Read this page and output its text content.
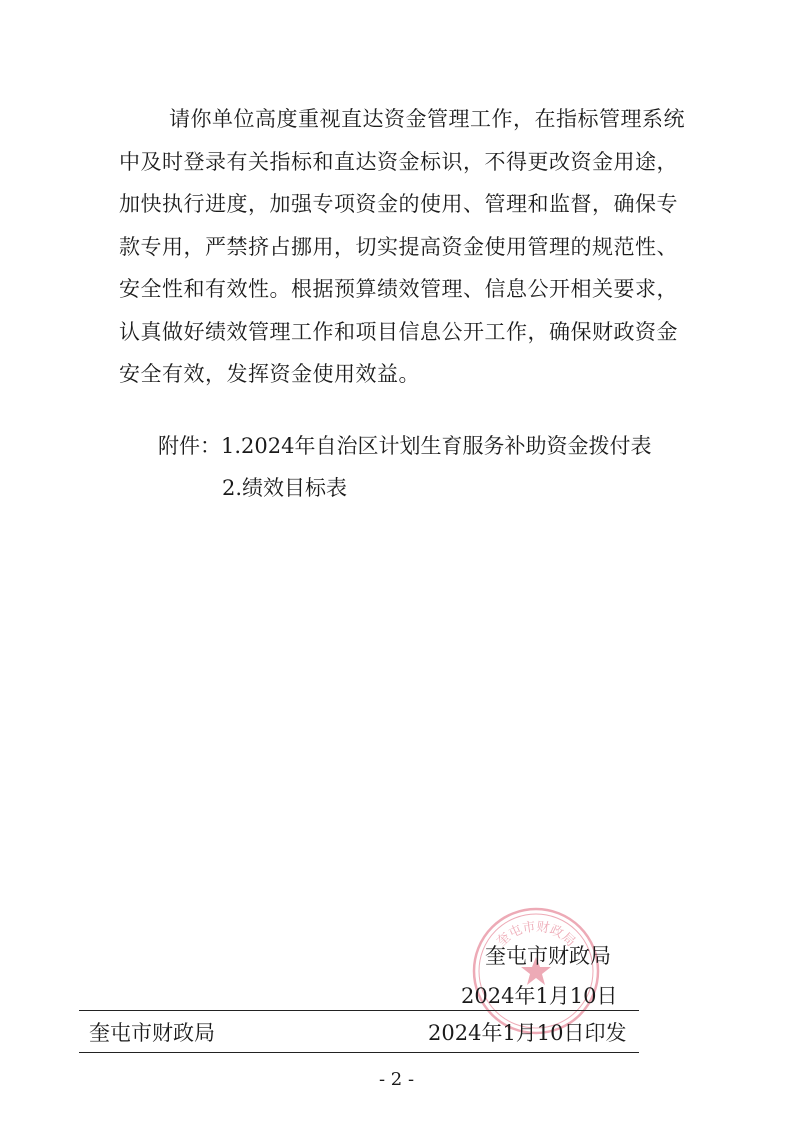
请你单位高度重视直达资金管理工作，在指标管理系统
中及时登录有关指标和直达资金标识，不得更改资金用途，
加快执行进度，加强专项资金的使用、管理和监督，确保专
款专用，严禁挤占挪用，切实提高资金使用管理的规范性、
安全性和有效性。根据预算绩效管理、信息公开相关要求，
认真做好绩效管理工作和项目信息公开工作，确保财政资金
安全有效，发挥资金使用效益。
附件：1.2024年自治区计划生育服务补助资金拨付表
2.绩效目标表
奎屯市财政局
奎屯市财政局
2024年1月10日
奎屯市财政局	2024年1月10日印发
- 2 -
